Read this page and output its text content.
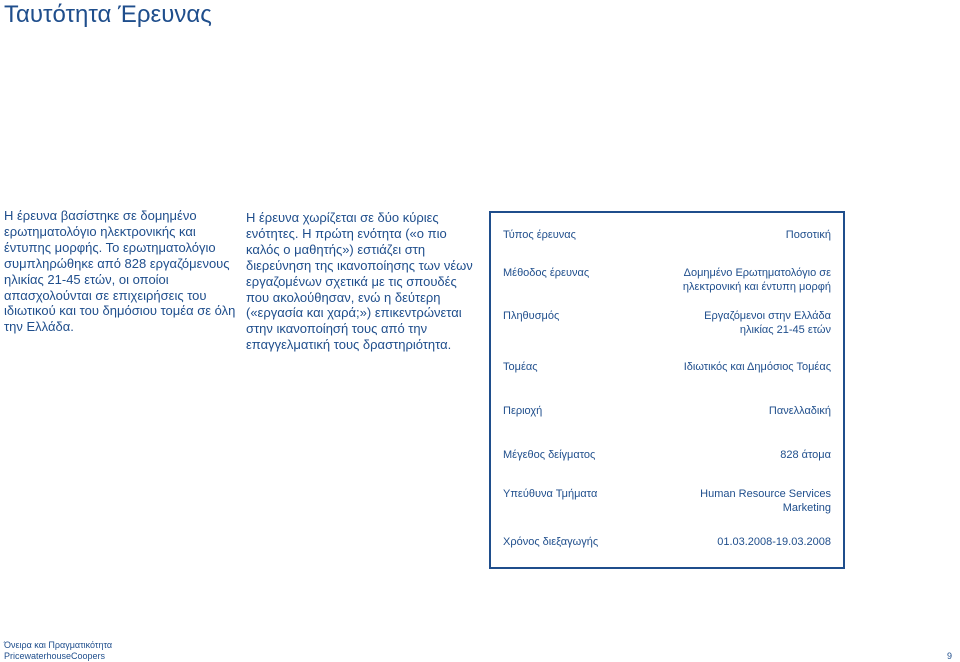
Ταυτότητα Έρευνας

Η έρευνα βασίστηκε σε δομημένο ερωτηματολόγιο ηλεκτρονικής και έντυπης μορφής. Το ερωτηματολόγιο συμπληρώθηκε από 828 εργαζόμενους ηλικίας 21-45 ετών, οι οποίοι απασχολούνται σε επιχειρήσεις του ιδιωτικού και του δημόσιου τομέα σε όλη την Ελλάδα.

Η έρευνα χωρίζεται σε δύο κύριες ενότητες. Η πρώτη ενότητα («ο πιο καλός ο μαθητής») εστιάζει στη διερεύνηση της ικανοποίησης των νέων εργαζομένων σχετικά με τις σπουδές που ακολούθησαν, ενώ η δεύτερη («εργασία και χαρά;») επικεντρώνεται στην ικανοποίησή τους από την επαγγελματική τους δραστηριότητα.

Τύπος έρευνας	Ποσοτική
Μέθοδος έρευνας	Δομημένο Ερωτηματολόγιο σε ηλεκτρονική και έντυπη μορφή
Πληθυσμός	Εργαζόμενοι στην Ελλάδα ηλικίας 21-45 ετών
Τομέας	Ιδιωτικός και Δημόσιος Τομέας
Περιοχή	Πανελλαδική
Μέγεθος δείγματος	828 άτομα
Υπεύθυνα Τμήματα	Human Resource Services Marketing
Χρόνος διεξαγωγής	01.03.2008-19.03.2008
Όνειρα και Πραγματικότητα
PricewaterhouseCoopers	9
